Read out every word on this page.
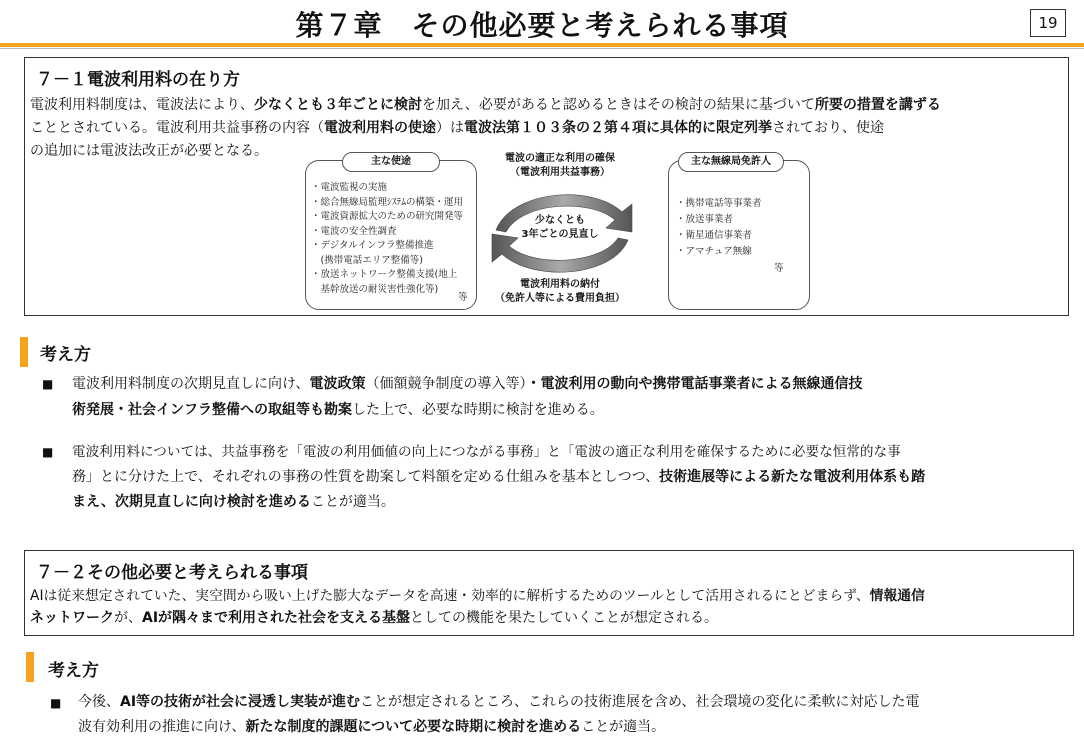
第７章　その他必要と考えられる事項	19
７－１電波利用料の在り方
電波利用料制度は、電波法により、少なくとも３年ごとに検討を加え、必要があると認めるときはその検討の結果に基づいて所要の措置を講ずる
こととされている。電波利用共益事務の内容（電波利用料の使途）は電波法第１０３条の２第４項に具体的に限定列挙されており、使途
の追加には電波法改正が必要となる。
主な使途
・電波監視の実施
・総合無線局監理ｼｽﾃﾑの構築・運用
・電波資源拡大のための研究開発等
・電波の安全性調査
・デジタルインフラ整備推進
　(携帯電話エリア整備等)
・放送ネットワーク整備支援(地上
　基幹放送の耐災害性強化等)
等
電波の適正な利用の確保
（電波利用共益事務）
少なくとも
3年ごとの見直し
電波利用料の納付
（免許人等による費用負担）
主な無線局免許人
・携帯電話等事業者
・放送事業者
・衛星通信事業者
・アマチュア無線
等
考え方
■ 電波利用料制度の次期見直しに向け、電波政策（価額競争制度の導入等）・電波利用の動向や携帯電話事業者による無線通信技
術発展・社会インフラ整備への取組等も勘案した上で、必要な時期に検討を進める。
■ 電波利用料については、共益事務を「電波の利用価値の向上につながる事務」と「電波の適正な利用を確保するために必要な恒常的な事
務」とに分けた上で、それぞれの事務の性質を勘案して料額を定める仕組みを基本としつつ、技術進展等による新たな電波利用体系も踏
まえ、次期見直しに向け検討を進めることが適当。
７－２その他必要と考えられる事項
AIは従来想定されていた、実空間から吸い上げた膨大なデータを高速・効率的に解析するためのツールとして活用されるにとどまらず、情報通信
ネットワークが、AIが隅々まで利用された社会を支える基盤としての機能を果たしていくことが想定される。
考え方
■ 今後、AI等の技術が社会に浸透し実装が進むことが想定されるところ、これらの技術進展を含め、社会環境の変化に柔軟に対応した電
波有効利用の推進に向け、新たな制度的課題について必要な時期に検討を進めることが適当。
